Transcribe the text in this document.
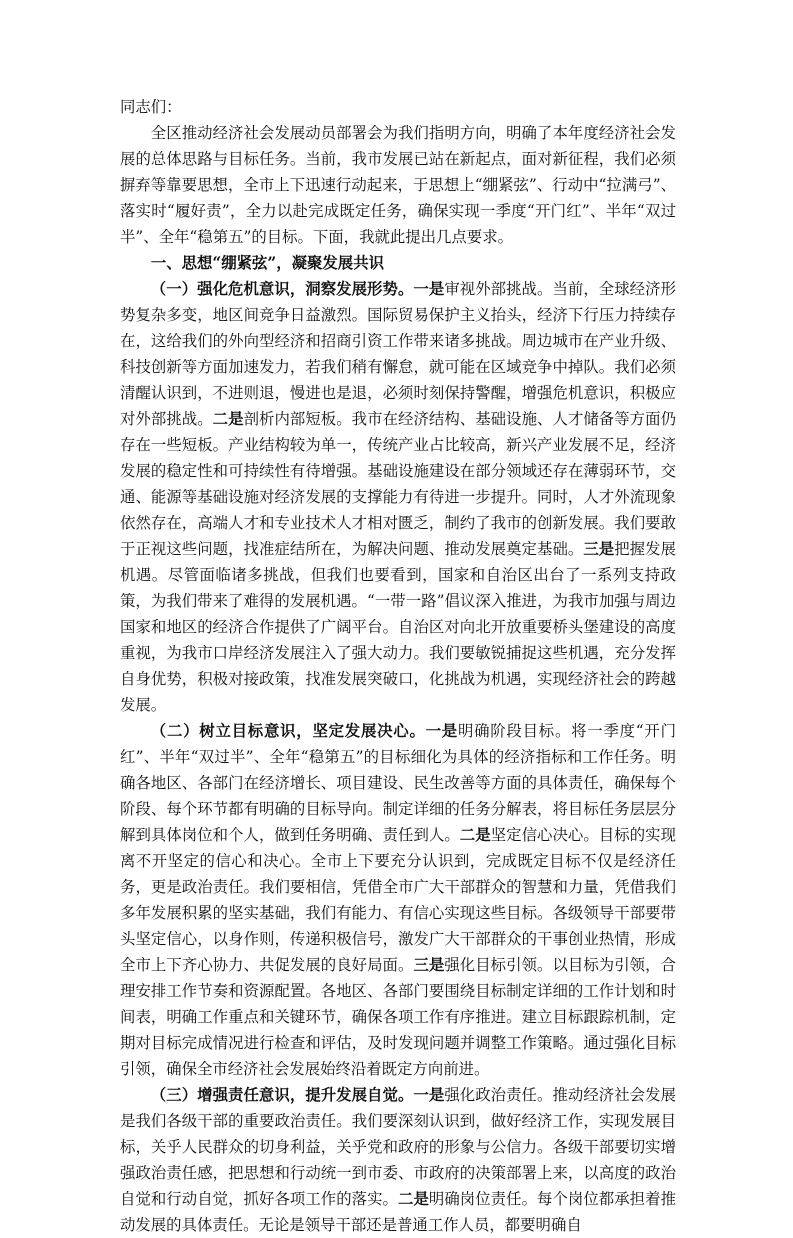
同志们：

全区推动经济社会发展动员部署会为我们指明方向，明确了本年度经济社会发展的总体思路与目标任务。当前，我市发展已站在新起点，面对新征程，我们必须摒弃等靠要思想，全市上下迅速行动起来，于思想上“绷紧弦”、行动中“拉满弓”、落实时“履好责”，全力以赴完成既定任务，确保实现一季度“开门红”、半年“双过半”、全年“稳第五”的目标。下面，我就此提出几点要求。

一、思想“绷紧弦”，凝聚发展共识

（一）强化危机意识，洞察发展形势。一是审视外部挑战。当前，全球经济形势复杂多变，地区间竞争日益激烈。国际贸易保护主义抬头，经济下行压力持续存在，这给我们的外向型经济和招商引资工作带来诸多挑战。周边城市在产业升级、科技创新等方面加速发力，若我们稍有懈怠，就可能在区域竞争中掉队。我们必须清醒认识到，不进则退，慢进也是退，必须时刻保持警醒，增强危机意识，积极应对外部挑战。二是剖析内部短板。我市在经济结构、基础设施、人才储备等方面仍存在一些短板。产业结构较为单一，传统产业占比较高，新兴产业发展不足，经济发展的稳定性和可持续性有待增强。基础设施建设在部分领域还存在薄弱环节，交通、能源等基础设施对经济发展的支撑能力有待进一步提升。同时，人才外流现象依然存在，高端人才和专业技术人才相对匮乏，制约了我市的创新发展。我们要敢于正视这些问题，找准症结所在，为解决问题、推动发展奠定基础。三是把握发展机遇。尽管面临诸多挑战，但我们也要看到，国家和自治区出台了一系列支持政策，为我们带来了难得的发展机遇。“一带一路”倡议深入推进，为我市加强与周边国家和地区的经济合作提供了广阔平台。自治区对向北开放重要桥头堡建设的高度重视，为我市口岸经济发展注入了强大动力。我们要敏锐捕捉这些机遇，充分发挥自身优势，积极对接政策，找准发展突破口，化挑战为机遇，实现经济社会的跨越发展。

（二）树立目标意识，坚定发展决心。一是明确阶段目标。将一季度“开门红”、半年“双过半”、全年“稳第五”的目标细化为具体的经济指标和工作任务。明确各地区、各部门在经济增长、项目建设、民生改善等方面的具体责任，确保每个阶段、每个环节都有明确的目标导向。制定详细的任务分解表，将目标任务层层分解到具体岗位和个人，做到任务明确、责任到人。二是坚定信心决心。目标的实现离不开坚定的信心和决心。全市上下要充分认识到，完成既定目标不仅是经济任务，更是政治责任。我们要相信，凭借全市广大干部群众的智慧和力量，凭借我们多年发展积累的坚实基础，我们有能力、有信心实现这些目标。各级领导干部要带头坚定信心，以身作则，传递积极信号，激发广大干部群众的干事创业热情，形成全市上下齐心协力、共促发展的良好局面。三是强化目标引领。以目标为引领，合理安排工作节奏和资源配置。各地区、各部门要围绕目标制定详细的工作计划和时间表，明确工作重点和关键环节，确保各项工作有序推进。建立目标跟踪机制，定期对目标完成情况进行检查和评估，及时发现问题并调整工作策略。通过强化目标引领，确保全市经济社会发展始终沿着既定方向前进。

（三）增强责任意识，提升发展自觉。一是强化政治责任。推动经济社会发展是我们各级干部的重要政治责任。我们要深刻认识到，做好经济工作，实现发展目标，关乎人民群众的切身利益，关乎党和政府的形象与公信力。各级干部要切实增强政治责任感，把思想和行动统一到市委、市政府的决策部署上来，以高度的政治自觉和行动自觉，抓好各项工作的落实。二是明确岗位责任。每个岗位都承担着推动发展的具体责任。无论是领导干部还是普通工作人员，都要明确自
